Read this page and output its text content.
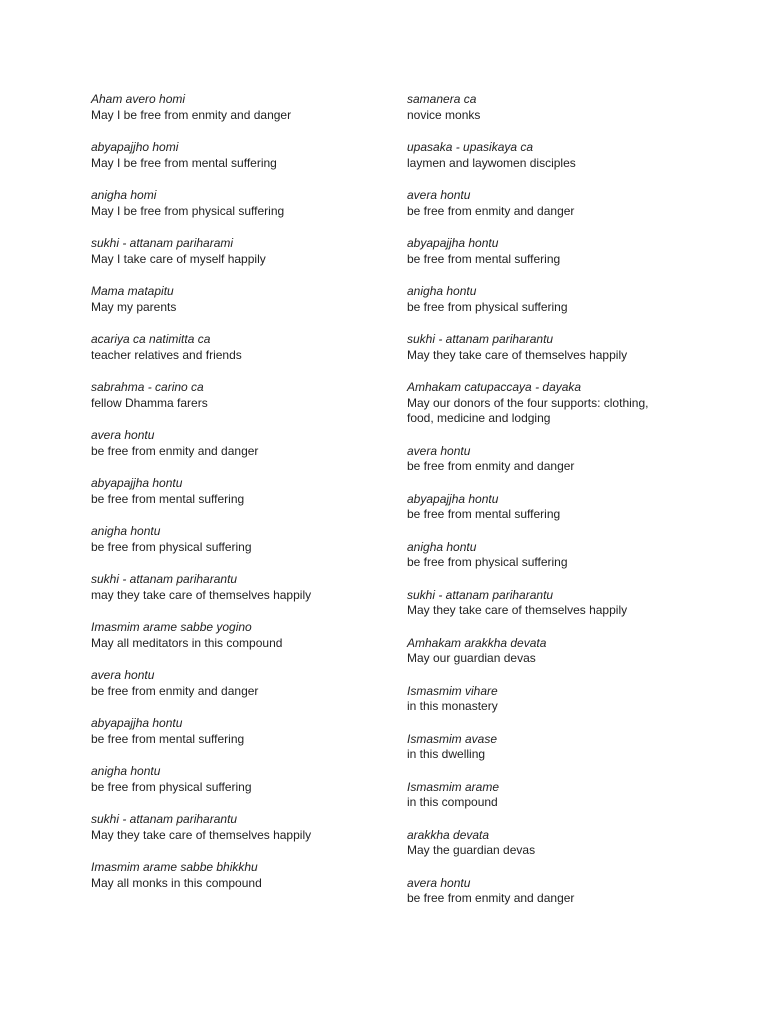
Aham avero homi
May I be free from enmity and danger
abyapajjho homi
May I be free from mental suffering
anigha homi
May I be free from physical suffering
sukhi - attanam pariharami
May I take care of myself happily
Mama matapitu
May my parents
acariya ca natimitta ca
teacher relatives and friends
sabrahma - carino ca
fellow Dhamma farers
avera hontu
be free from enmity and danger
abyapajjha hontu
be free from mental suffering
anigha hontu
be free from physical suffering
sukhi - attanam pariharantu
may they take care of themselves happily
Imasmim arame sabbe yogino
May all meditators in this compound
avera hontu
be free from enmity and danger
abyapajjha hontu
be free from mental suffering
anigha hontu
be free from physical suffering
sukhi - attanam pariharantu
May they take care of themselves happily
Imasmim arame sabbe bhikkhu
May all monks in this compound
samanera ca
novice monks
upasaka - upasikaya ca
laymen and laywomen disciples
avera hontu
be free from enmity and danger
abyapajjha hontu
be free from mental suffering
anigha hontu
be free from physical suffering
sukhi - attanam pariharantu
May they take care of themselves happily
Amhakam catupaccaya - dayaka
May our donors of the four supports: clothing, food, medicine and lodging
avera hontu
be free from enmity and danger
abyapajjha hontu
be free from mental suffering
anigha hontu
be free from physical suffering
sukhi - attanam pariharantu
May they take care of themselves happily
Amhakam arakkha devata
May our guardian devas
Ismasmim vihare
in this monastery
Ismasmim avase
in this dwelling
Ismasmim arame
in this compound
arakkha devata
May the guardian devas
avera hontu
be free from enmity and danger
